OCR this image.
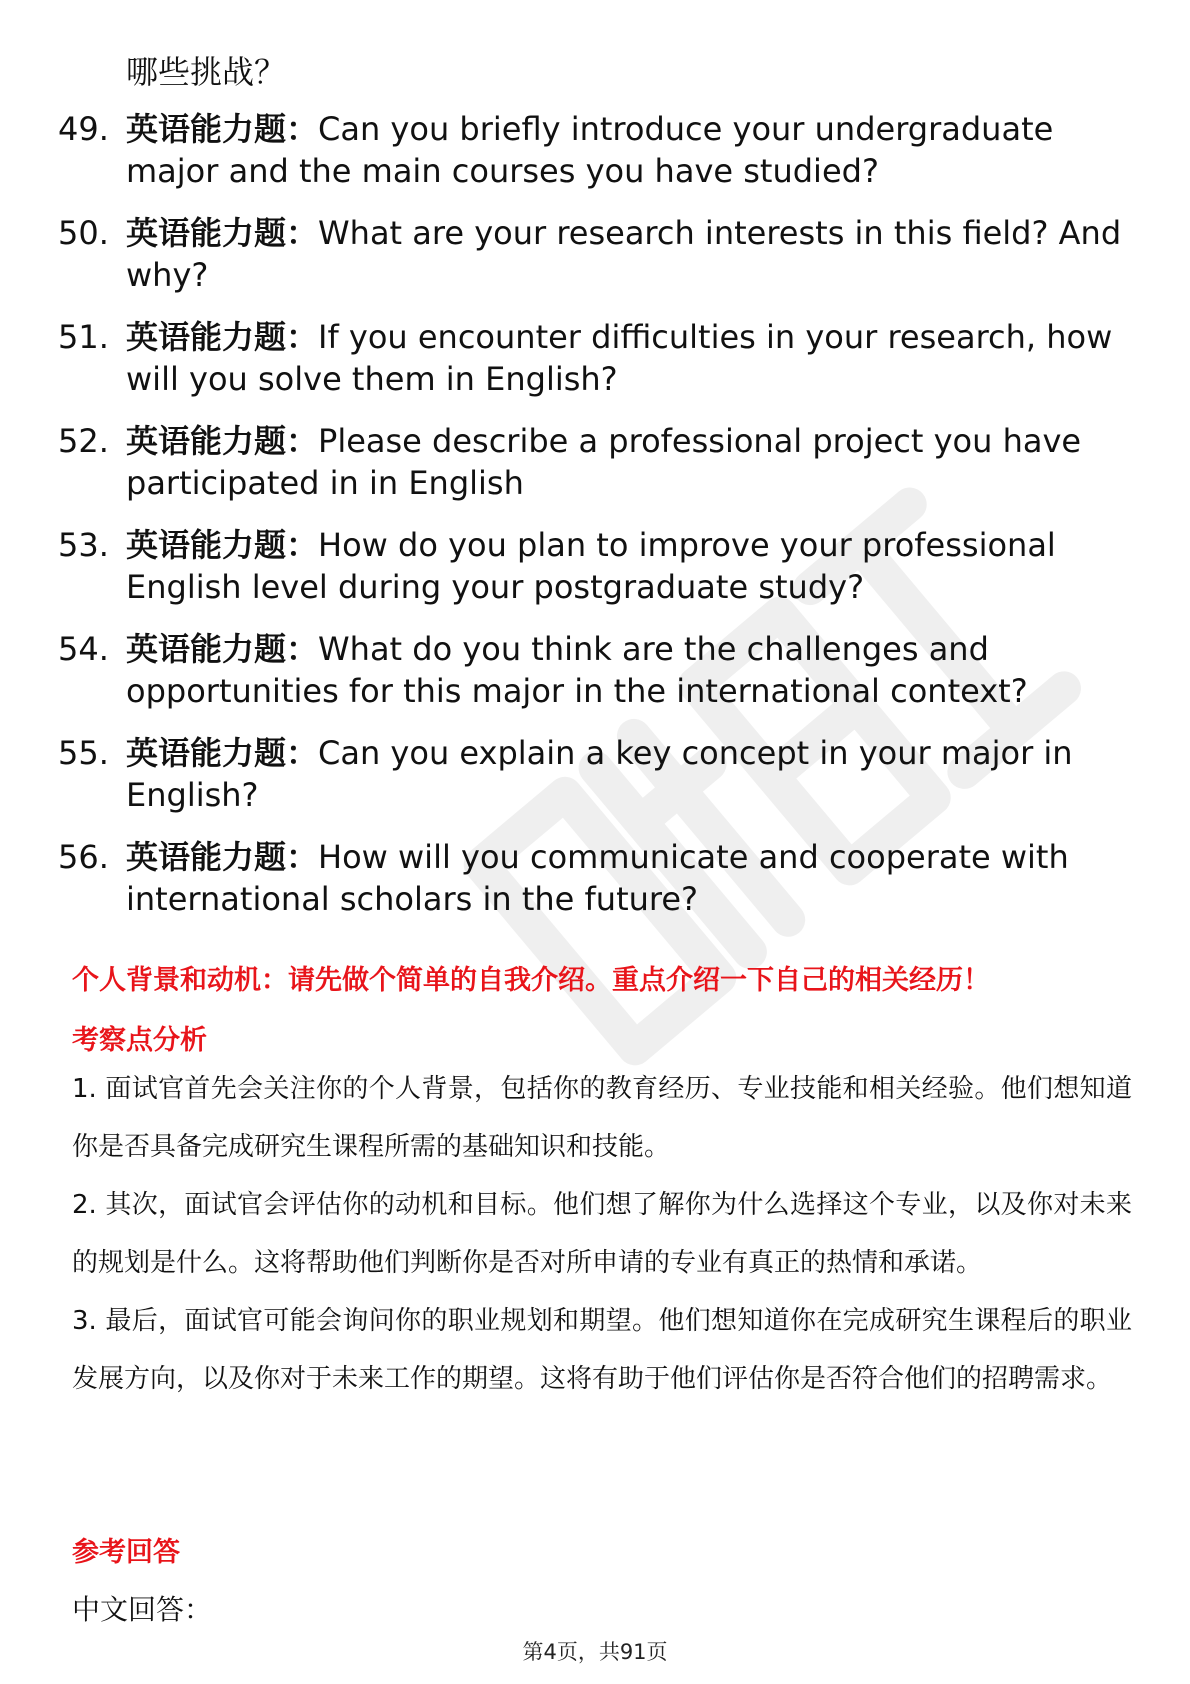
哪些挑战？
49. 英语能力题：Can you briefly introduce your undergraduate major and the main courses you have studied?
50. 英语能力题：What are your research interests in this field? And why?
51. 英语能力题：If you encounter difficulties in your research, how will you solve them in English?
52. 英语能力题：Please describe a professional project you have participated in in English
53. 英语能力题：How do you plan to improve your professional English level during your postgraduate study?
54. 英语能力题：What do you think are the challenges and opportunities for this major in the international context?
55. 英语能力题：Can you explain a key concept in your major in English?
56. 英语能力题：How will you communicate and cooperate with international scholars in the future?
个人背景和动机：请先做个简单的自我介绍。重点介绍一下自己的相关经历！
考察点分析

1. 面试官首先会关注你的个人背景，包括你的教育经历、专业技能和相关经验。他们想知道你是否具备完成研究生课程所需的基础知识和技能。

2. 其次，面试官会评估你的动机和目标。他们想了解你为什么选择这个专业，以及你对未来的规划是什么。这将帮助他们判断你是否对所申请的专业有真正的热情和承诺。

3. 最后，面试官可能会询问你的职业规划和期望。他们想知道你在完成研究生课程后的职业发展方向，以及你对于未来工作的期望。这将有助于他们评估你是否符合他们的招聘需求。

参考回答
中文回答：
第4页，共91页
